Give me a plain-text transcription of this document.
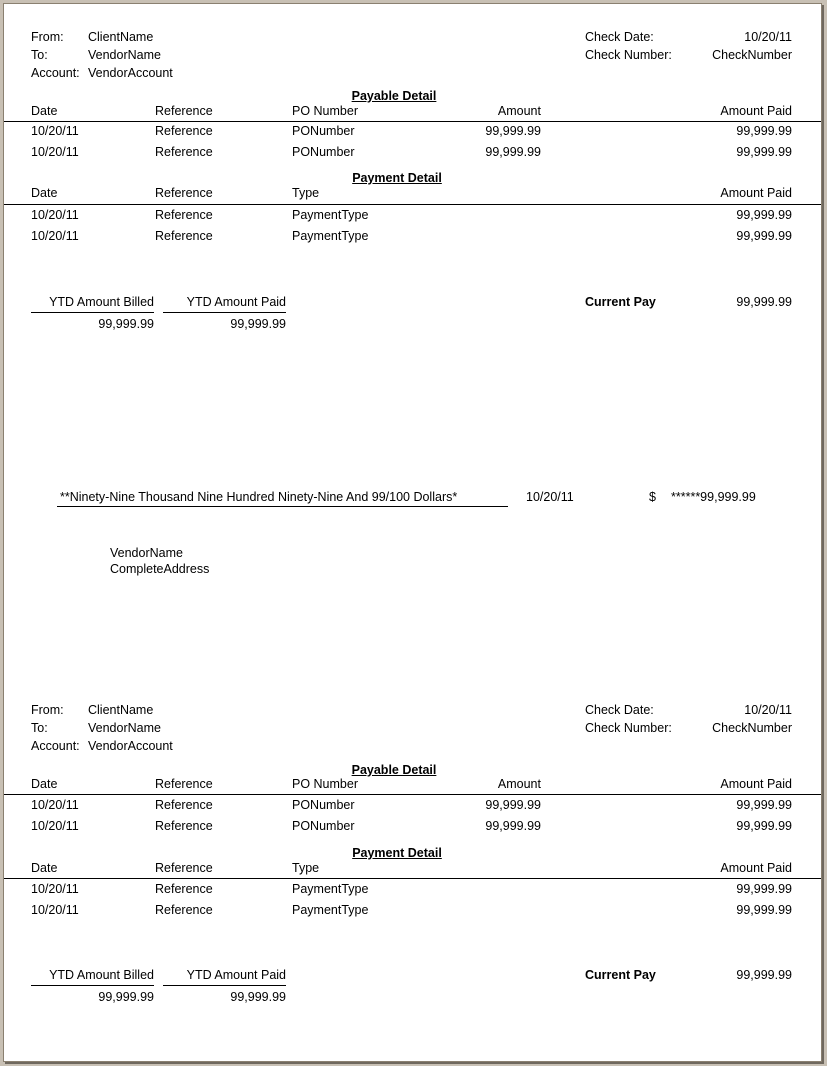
From: ClientName
To:	VendorName
Account: VendorAccount
Check Date:	10/20/11
Check Number:	CheckNumber
Payable Detail
Date	Reference	PO Number	Amount	Amount Paid
10/20/11	Reference	PONumber	99,999.99	99,999.99
10/20/11	Reference	PONumber	99,999.99	99,999.99
Payment Detail
Date	Reference	Type	Amount Paid
10/20/11	Reference	PaymentType	99,999.99
10/20/11	Reference	PaymentType	99,999.99
YTD Amount Billed
99,999.99
YTD Amount Paid
99,999.99
Current Pay	99,999.99
**Ninety-Nine Thousand Nine Hundred Ninety-Nine And 99/100 Dollars*	10/20/11	$ ******99,999.99
VendorName
CompleteAddress
From: ClientName
To:	VendorName
Account: VendorAccount
Check Date:	10/20/11
Check Number:	CheckNumber
Payable Detail
Date	Reference	PO Number	Amount	Amount Paid
10/20/11	Reference	PONumber	99,999.99	99,999.99
10/20/11	Reference	PONumber	99,999.99	99,999.99
Payment Detail
Date	Reference	Type	Amount Paid
10/20/11	Reference	PaymentType	99,999.99
10/20/11	Reference	PaymentType	99,999.99
YTD Amount Billed
99,999.99
YTD Amount Paid
99,999.99
Current Pay	99,999.99
